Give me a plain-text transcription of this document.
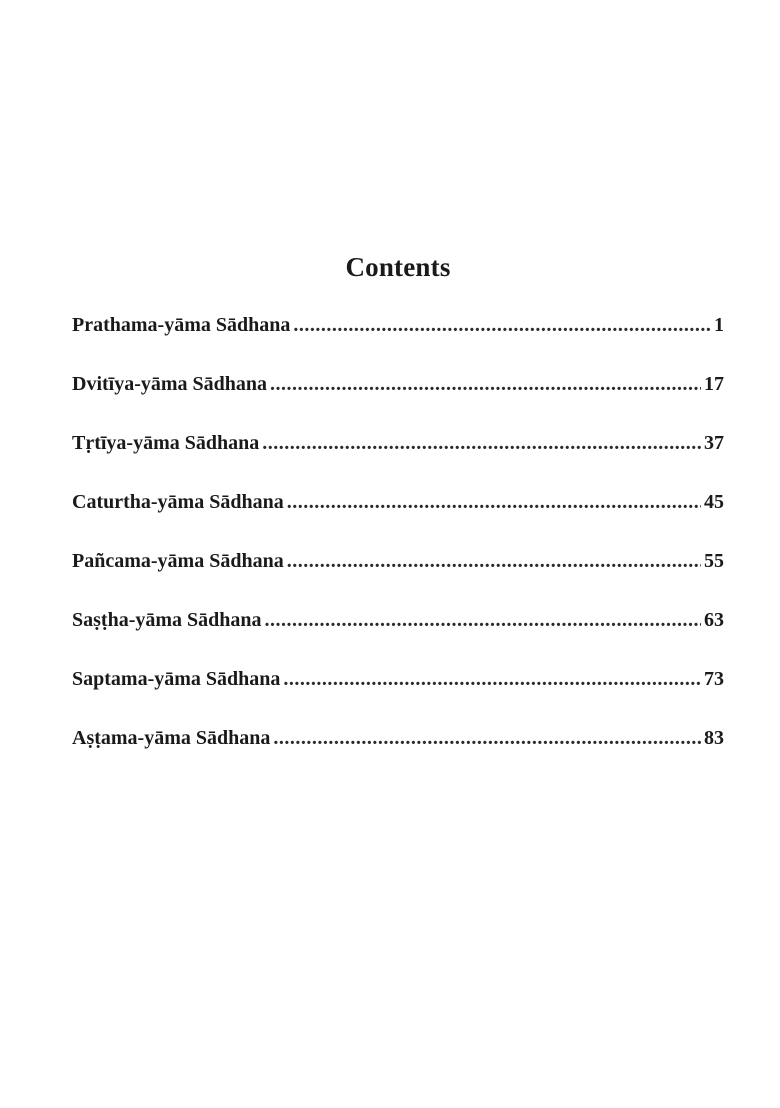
Contents
Prathama-yāma Sādhana .....	1
Dvitīya-yāma Sādhana .....	17
Tṛtīya-yāma Sādhana .....	37
Caturtha-yāma Sādhana .....	45
Pañcama-yāma Sādhana .....	55
Saṣṭha-yāma Sādhana .....	63
Saptama-yāma Sādhana .....	73
Aṣṭama-yāma Sādhana .....	83
